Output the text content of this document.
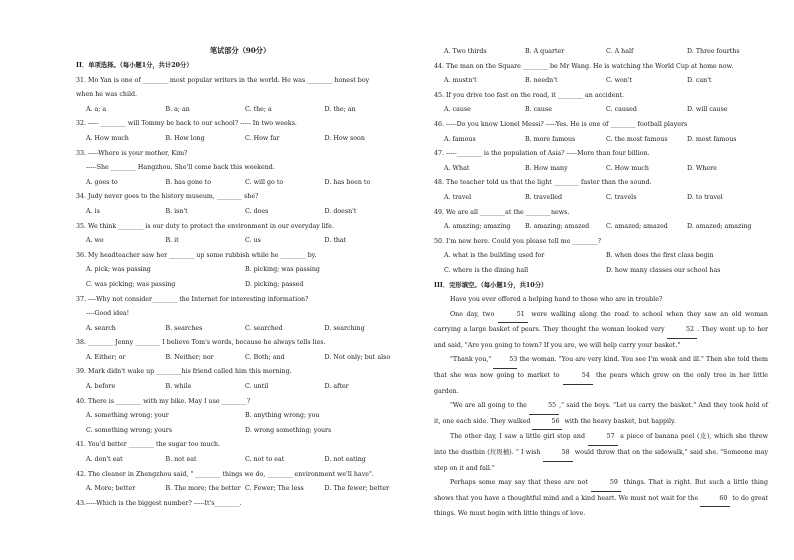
笔试部分（90分）
II．单项选择。（每小题1分，共计20分）
31. Mo Yan is one of ________ most popular writers in the world. He was ________ honest boy
when he was child.
A. a; a	B. a; an	C. the; a	D. the; an
32. ----- ________ will Tommy be back to our school? ----- In two weeks.
A. How much	B. How long	C. How far	D. How soon
33. -----Where is your mother, Kim?
-----She ________ Hangzhou. She'll come back this weekend.
A. goes to	B. has gone to	C. will go to	D. has been to
34. Judy never goes to the history museum, ________ she?
A. is	B. isn't	C. does	D. doesn't
35. We think ________ is our duty to protect the environment in our everyday life.
A. we	B. it	C. us	D. that
36. My headteacher saw her ________ up some rubbish while he ________ by.
A. pick; was passing	B. picking; was passing
C. was picking; was passing	D. picking; passed
37. ----Why not consider________ the Internet for interesting information?
----Good idea!
A. search	B. searches	C. searched	D. searching
38. ________ Jenny ________ I believe Tom's words, because he always tells lies.
A. Either; or	B. Neither; nor	C. Both; and	D. Not only; but also
39. Mark didn't wake up ________his friend called him this morning.
A. before	B. while	C. until	D. after
40. There is ________ with my bike. May I use ________?
A. something wrong; your	B. anything wrong; you
C. something wrong; yours	D. wrong something; yours
41. You'd better ________ the sugar too much.
A. don't eat	B. not eat	C. not to eat	D. not eating
42. The cleaner in Zhengzhou said, " ________ things we do, ________ environment we'll have".
A. More; better	B. The more; the better C. Fewer; The less	D. The fewer; better
43.-----Which is the biggest number? -----It's________.
A. Two thirds	B. A quarter	C. A half	D. Three fourths
44. The man on the Square ________ be Mr Wang. He is watching the World Cup at home now.
A. mustn't	B. needn't	C. won't	D. can't
45. If you drive too fast on the road, it ________ an accident.
A. cause	B. cause	C. caused	D. will cause
46. -----Do you know Lionel Messi? -----Yes. He is one of ________ football players
A. famous	B. more famous	C. the most famous	D. most famous
47. -----________ is the population of Asia? -----More than four billion.
A. What	B. How many	C. How much	D. Where
48. The teacher told us that the light ________ faster than the sound.
A. travel	B. travelled	C. travels	D. to travel
49. We are all ________at the ________news.
A. amazing; amazing	B. amazing; amazed	C. amazed; amazed	D. amazed; amazing
50. I'm new here. Could you please tell me ________?
A. what is the building used for	B. when does the first class begin
C. where is the dining hall	D. how many classes our school has
III．完形填空。（每小题1分，共10分）
Have you ever offered a helping hand to those who are in trouble?
One day, two	51 were walking along the road to school when they saw an old woman carrying a large basket of pears. They thought the woman looked very	52 . They went up to her and said, "Are you going to town? If you are, we will help carry your basket."
"Thank you,"	53 the woman. "You are very kind. You see I'm weak and ill." Then she told them that she was now going to market to	54 the pears which grew on the only tree in her little garden.
"We are all going to the	55 ," said the boys. "Let us carry the basket." And they took hold of it, one each side. They walked	56 with the heavy basket, but happily.
The other day, I saw a little girl stop and	57 a piece of banana peel (皮), which she threw into the dustbin (垃圾桶). " I wish	58 would throw that on the sidewalk," said she. "Someone may step on it and fall."
Perhaps some may say that these are not	59 things. That is right. But such a little thing shows that you have a thoughtful mind and a kind heart. We must not wait for the	60 to do great things. We must begin with little things of love.
